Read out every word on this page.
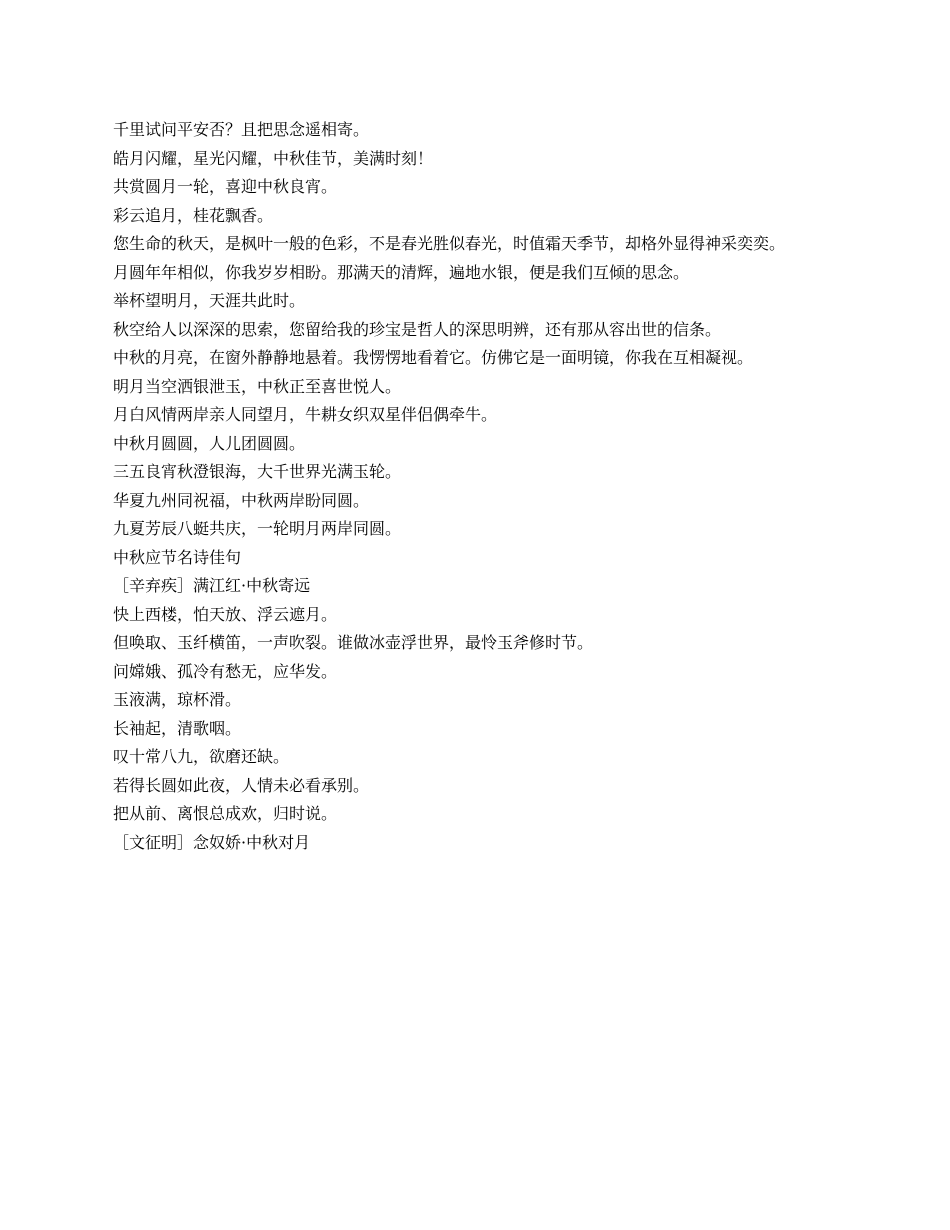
千里试问平安否？且把思念遥相寄。

皓月闪耀，星光闪耀，中秋佳节，美满时刻！

共赏圆月一轮，喜迎中秋良宵。

彩云追月，桂花飘香。

您生命的秋天，是枫叶一般的色彩，不是春光胜似春光，时值霜天季节，却格外显得神采奕奕。

月圆年年相似，你我岁岁相盼。那满天的清辉，遍地水银，便是我们互倾的思念。

举杯望明月，天涯共此时。

秋空给人以深深的思索，您留给我的珍宝是哲人的深思明辨，还有那从容出世的信条。

中秋的月亮，在窗外静静地悬着。我愣愣地看着它。仿佛它是一面明镜，你我在互相凝视。

明月当空洒银泄玉，中秋正至喜世悦人。

月白风情两岸亲人同望月，牛耕女织双星伴侣偶牵牛。

中秋月圆圆，人儿团圆圆。

三五良宵秋澄银海，大千世界光满玉轮。

华夏九州同祝福，中秋两岸盼同圆。

九夏芳辰八蜓共庆，一轮明月两岸同圆。

中秋应节名诗佳句

［辛弃疾］满江红·中秋寄远

快上西楼，怕天放、浮云遮月。

但唤取、玉纤横笛，一声吹裂。谁做冰壶浮世界，最怜玉斧修时节。

问嫦娥、孤冷有愁无，应华发。

玉液满，琼杯滑。

长袖起，清歌咽。

叹十常八九，欲磨还缺。

若得长圆如此夜，人情未必看承别。

把从前、离恨总成欢，归时说。

［文征明］念奴娇·中秋对月
